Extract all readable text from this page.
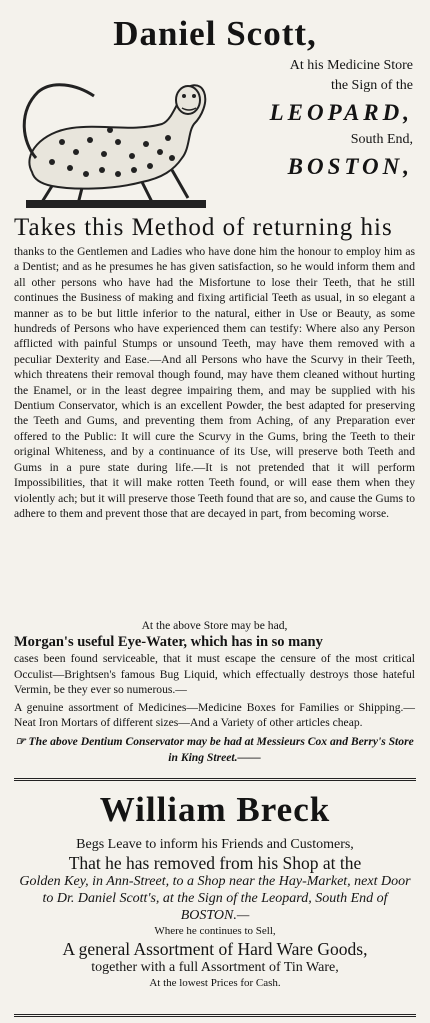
Daniel Scott,
At his Medicine Store
the Sign of the
LEOPARD,
South End,
BOSTON,
Takes this Method of returning his
thanks to the Gentlemen and Ladies who have done him the honour to employ him as a Dentist; and as he presumes he has given satisfaction, so he would inform them and all other persons who have had the Misfortune to lose their Teeth, that he still continues the Business of making and fixing artificial Teeth as usual, in so elegant a manner as to be but little inferior to the natural, either in Use or Beauty, as some hundreds of Persons who have experienced them can testify: Where also any Person afflicted with painful Stumps or unsound Teeth, may have them removed with a peculiar Dexterity and Ease.—And all Persons who have the Scurvy in their Teeth, which threatens their removal though found, may have them cleaned without hurting the Enamel, or in the least degree impairing them, and may be supplied with his Dentium Conservator, which is an excellent Powder, the best adapted for preserving the Teeth and Gums, and preventing them from Aching, of any Preparation ever offered to the Public: It will cure the Scurvy in the Gums, bring the Teeth to their original Whiteness, and by a continuance of its Use, will preserve both Teeth and Gums in a pure state during life.—It is not pretended that it will perform Impossibilities, that it will make rotten Teeth found, or will ease them when they violently ach; but it will preserve those Teeth found that are so, and cause the Gums to adhere to them and prevent those that are decayed in part, from becoming worse.
At the above Store may be had,
Morgan's useful Eye-Water, which has in so many
cases been found serviceable, that it must escape the censure of the most critical Occulist—Brightsen's famous Bug Liquid, which effectually destroys those hateful Vermin, be they ever so numerous.—
A genuine assortment of Medicines—Medicine Boxes for Families or Shipping.—Neat Iron Mortars of different sizes—And a Variety of other articles cheap.
☞ The above Dentium Conservator may be had at Messieurs Cox and Berry's Store in King Street.——
William Breck
Begs Leave to inform his Friends and Customers,
That he has removed from his Shop at the
Golden Key, in Ann-Street, to a Shop near the Hay-Market, next Door to Dr. Daniel Scott's, at the Sign of the Leopard, South End of BOSTON.—
Where he continues to Sell,
A general Assortment of Hard Ware Goods,
together with a full Assortment of Tin Ware,
At the lowest Prices for Cash.
